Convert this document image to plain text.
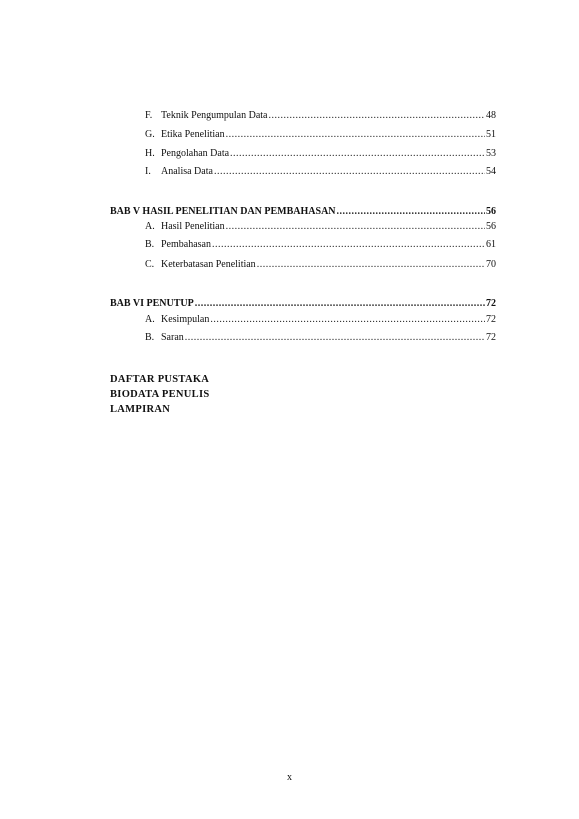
F. Teknik Pengumpulan Data .....	48
G. Etika Penelitian .....	51
H. Pengolahan Data .....	53
I.	Analisa Data .....	54
BAB V HASIL PENELITIAN DAN PEMBAHASAN .....	56
A. Hasil Penelitian .....	56
B. Pembahasan .....	61
C. Keterbatasan Penelitian .....	70
BAB VI PENUTUP .....	72
A. Kesimpulan .....	72
B. Saran .....	72
DAFTAR PUSTAKA
BIODATA PENULIS
LAMPIRAN
x
